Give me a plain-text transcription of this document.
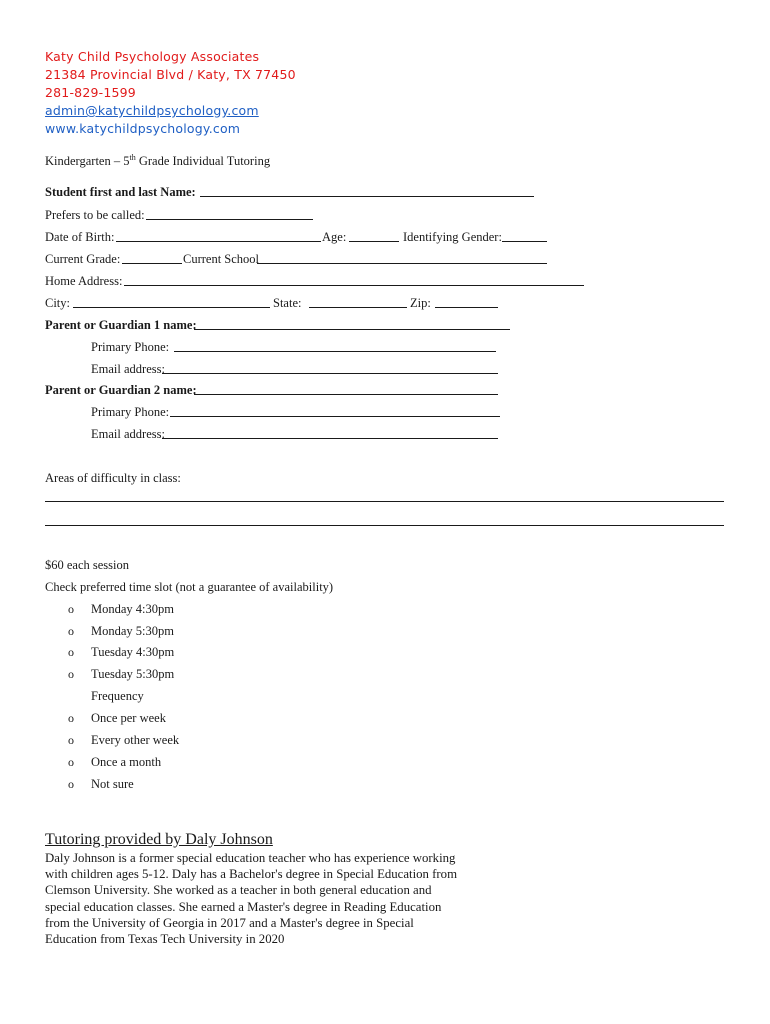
Katy Child Psychology Associates
21384 Provincial Blvd / Katy, TX 77450
281-829-1599
admin@katychildpsychology.com
www.katychildpsychology.com
Kindergarten – 5th Grade Individual Tutoring
Student first and last Name:
Prefers to be called:
Date of Birth:	Age:	Identifying Gender:
Current Grade:	Current School
Home Address:
City:	State:	Zip:
Parent or Guardian 1 name:
Primary Phone:
Email address:
Parent or Guardian 2 name:
Primary Phone:
Email address:
Areas of difficulty in class:
$60 each session
Check preferred time slot (not a guarantee of availability)
o Monday 4:30pm
o Monday 5:30pm
o Tuesday 4:30pm
o Tuesday 5:30pm
Frequency
o Once per week
o Every other week
o Once a month
o Not sure
Tutoring provided by Daly Johnson
Daly Johnson is a former special education teacher who has experience working with children ages 5-12. Daly has a Bachelor's degree in Special Education from Clemson University. She worked as a teacher in both general education and special education classes. She earned a Master's degree in Reading Education from the University of Georgia in 2017 and a Master's degree in Special Education from Texas Tech University in 2020
